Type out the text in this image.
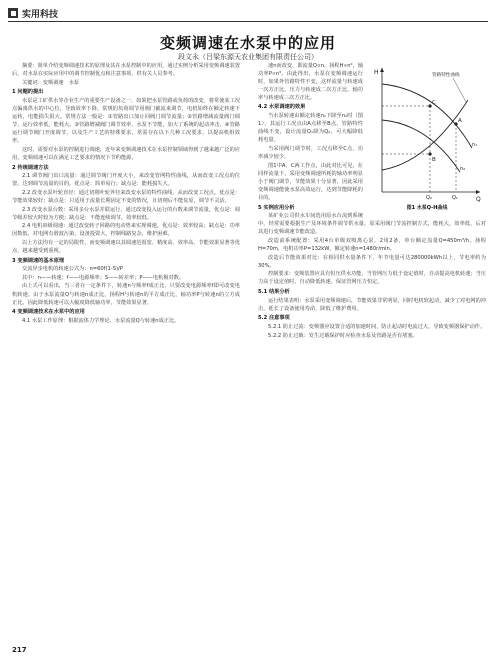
实用科技
变频调速在水泵中的应用
段文永（吕梁东源天农业集团有限责任公司）

摘要：简单介绍变频调速技术的原理及其在水泵控制中的应用，通过实例分析采用变频调速装置后，对水泵在实际应用中的调节控制优点和注意事项，供有关人员参考。

关键词：变频调速　水泵

1 问题的提出

水泵是工矿供水等企业生产的重要生产设备之一，如果把水泵管路或负荷的改变、将常使某工况点偏离供水的中心位，导致效率下降。常规的负荷调节用阀门截流来调节，电机始终在额定转速下运转，电能损失很大。常规方法一般是：①管路出口加止回阀门调节流量；②管路增减流量阀门调节，运行效率低，能耗大。③管路增减阀门调节效率，水泵不节能，加大了系统的起动冲击，④管路运行调节阀门开度调节，以及生产工艺的特殊要求，常需存在以下几种工况要求，以提高机组效率。

这时，需要对水泵的控制进行调速，近年来变频调速技术在水泵控制领域得到了越来越广泛的应用，变频调速可以在满足工艺要求的情况下节约能源。

2 传统调速方法

2.1 调节阀门出口流量：通过调节阀门开度大小，来改变管网特性曲线，从而改变工况点的位置，达到调节流量的目的。优点是：简单易行；缺点是：能耗损失大。

2.2 改变水泵叶轮直径：通过切削叶轮外径来改变水泵的特性曲线，从而改变工况点。优点是：节能效果较好；缺点是：只适用于流量长期固定不变的情况，且切削后不能复原，调节不灵活。

2.3 改变水泵台数：采用多台水泵并联运行，通过改变投入运行的台数来调节流量，优点是：调节级差较大时较为方便；缺点是：不能连续调节，效率较低。

2.4 电机串级调速：通过改变转子回路的电动势来实现调速，优点是：效率较高；缺点是：功率因数低，对电网有谐波污染，设备投资大，控制线路复杂，维护困难。

以上方法均有一定的局限性，而变频调速以其调速范围宽、精度高、效率高、节能效果显著等优点，越来越受到重视。

3 变频调速的基本原理

交流异步电机的转速公式为：n=60f(1-S)/P

其中：n——转速；f——电源频率；S——转差率；P——电机极对数。

由上式可以看出，当三者在一定条件下，转速n与频率f成正比，只要改变电源频率f即可改变电机转速。由于水泵流量Q与转速n成正比，扬程H与转速n的平方成正比，轴功率P与转速n的立方成正比，因此降低转速可以大幅度降低轴功率，节能效果显著。

4 变频调速技术在水泵中的应用

4.1 水泵工作原理：根据流体力学理论，水泵流量Q与转速n成正比。

H
Q
A
B
C
n₁
n₂
管路特性曲线
Q₁
Q₂
图1 水泵Q-H曲线

速n而改变，即流量Q∝n，扬程H∝n²，轴功率P∝n³。由此得出，水泵在变频调速运行时，如果外管路特性不变，这样流量与转速成一次方正比，压力与转速成二次方正比，轴功率与转速成三次方正比。

4.2 水泵调速的效果

当水泵转速由额定转速n₁下降至n₂时（图1），其运行工况点由A点移至B点，管路特性曲线不变，设计流量Q₁降为Q₂，可大幅降低耗电量。

当采用阀门调节时，工况点移至C点，功率减少较少。

图1中A、C两工作点，由此对比可见，在同样流量下，采用变频调速所耗的轴功率明显小于阀门调节，节能效果十分显著，因此采用变频调速能使水泵高效运行，达到节能降耗的目的。

5 实例应用分析

某矿业公司供水车间选用原水台流到系统中，经常需要根据生产及环境条件调节供水量，原采用阀门节流控制方式，能耗大，效率低，后对其进行变频调速节能改造。

改造前系统配置：采用4台单级双吸离心泵，2用2备，单台额定流量Q=450m³/h，扬程H=70m，电机功率P=132kW，额定转速n=1480r/min。

改造后节能效果对比：在相同供水量条件下，年节电量可达280000kWh以上，节电率约为30%。

控制要求：变频装置应具有恒压供水功能，当管网压力低于设定值时，自动提高电机转速；当压力高于设定值时，自动降低转速，保证管网压力恒定。

5.1 结果分析

运行结果表明：水泵采用变频调速后，节能效果非常明显，同时电机软起动，减少了对电网的冲击，延长了设备使用寿命，降低了维护费用。

5.2 注意事项

5.2.1 防止过流：变频器应设置合适的加速时间，防止起动时电流过大，导致变频器保护动作。

5.2.2 防止过载：发生过载保护时应检查水泵及管路是否有堵塞。

217
